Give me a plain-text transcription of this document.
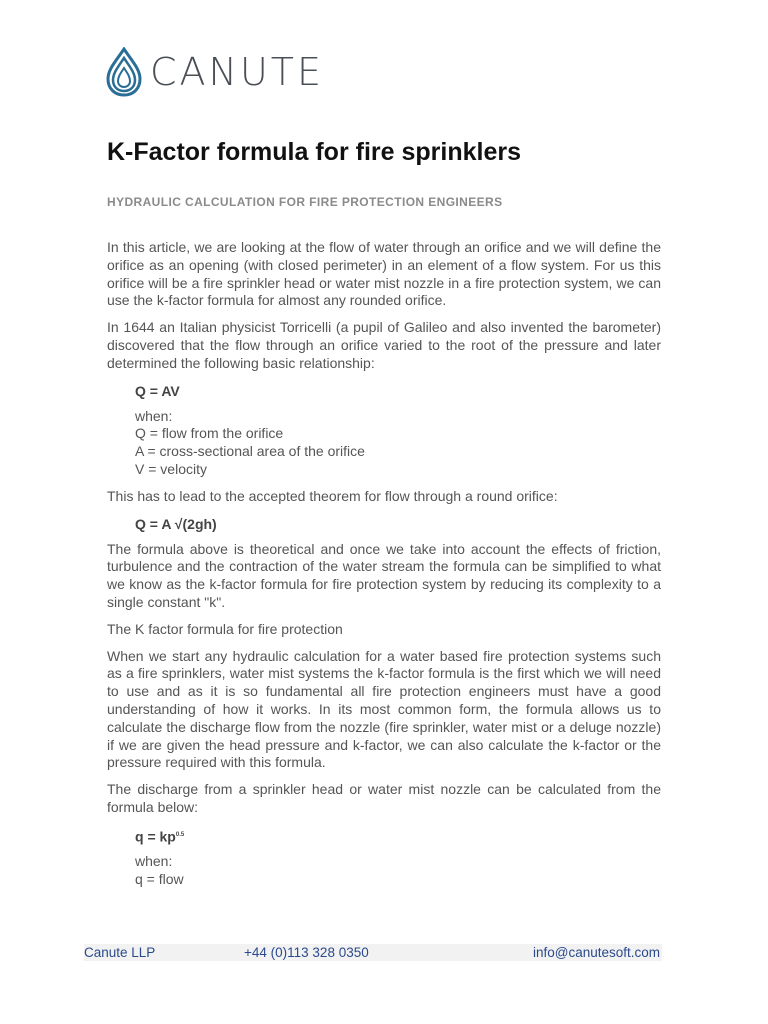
CANUTE
K-Factor formula for fire sprinklers
HYDRAULIC CALCULATION FOR FIRE PROTECTION ENGINEERS

In this article, we are looking at the flow of water through an orifice and we will define the orifice as an opening (with closed perimeter) in an element of a flow system. For us this orifice will be a fire sprinkler head or water mist nozzle in a fire protection system, we can use the k-factor formula for almost any rounded orifice.

In 1644 an Italian physicist Torricelli (a pupil of Galileo and also invented the barometer) discovered that the flow through an orifice varied to the root of the pressure and later determined the following basic relationship:

Q = AV
when:
Q = flow from the orifice
A = cross-sectional area of the orifice
V = velocity

This has to lead to the accepted theorem for flow through a round orifice:

Q = A √(2gh)

The formula above is theoretical and once we take into account the effects of friction, turbulence and the contraction of the water stream the formula can be simplified to what we know as the k-factor formula for fire protection system by reducing its complexity to a single constant "k".

The K factor formula for fire protection

When we start any hydraulic calculation for a water based fire protection systems such as a fire sprinklers, water mist systems the k-factor formula is the first which we will need to use and as it is so fundamental all fire protection engineers must have a good understanding of how it works. In its most common form, the formula allows us to calculate the discharge flow from the nozzle (fire sprinkler, water mist or a deluge nozzle) if we are given the head pressure and k-factor, we can also calculate the k-factor or the pressure required with this formula.

The discharge from a sprinkler head or water mist nozzle can be calculated from the formula below:

$q = kp^{0.5}$
when:
q = flow
Canute LLP	+44 (0)113 328 0350	info@canutesoft.com
